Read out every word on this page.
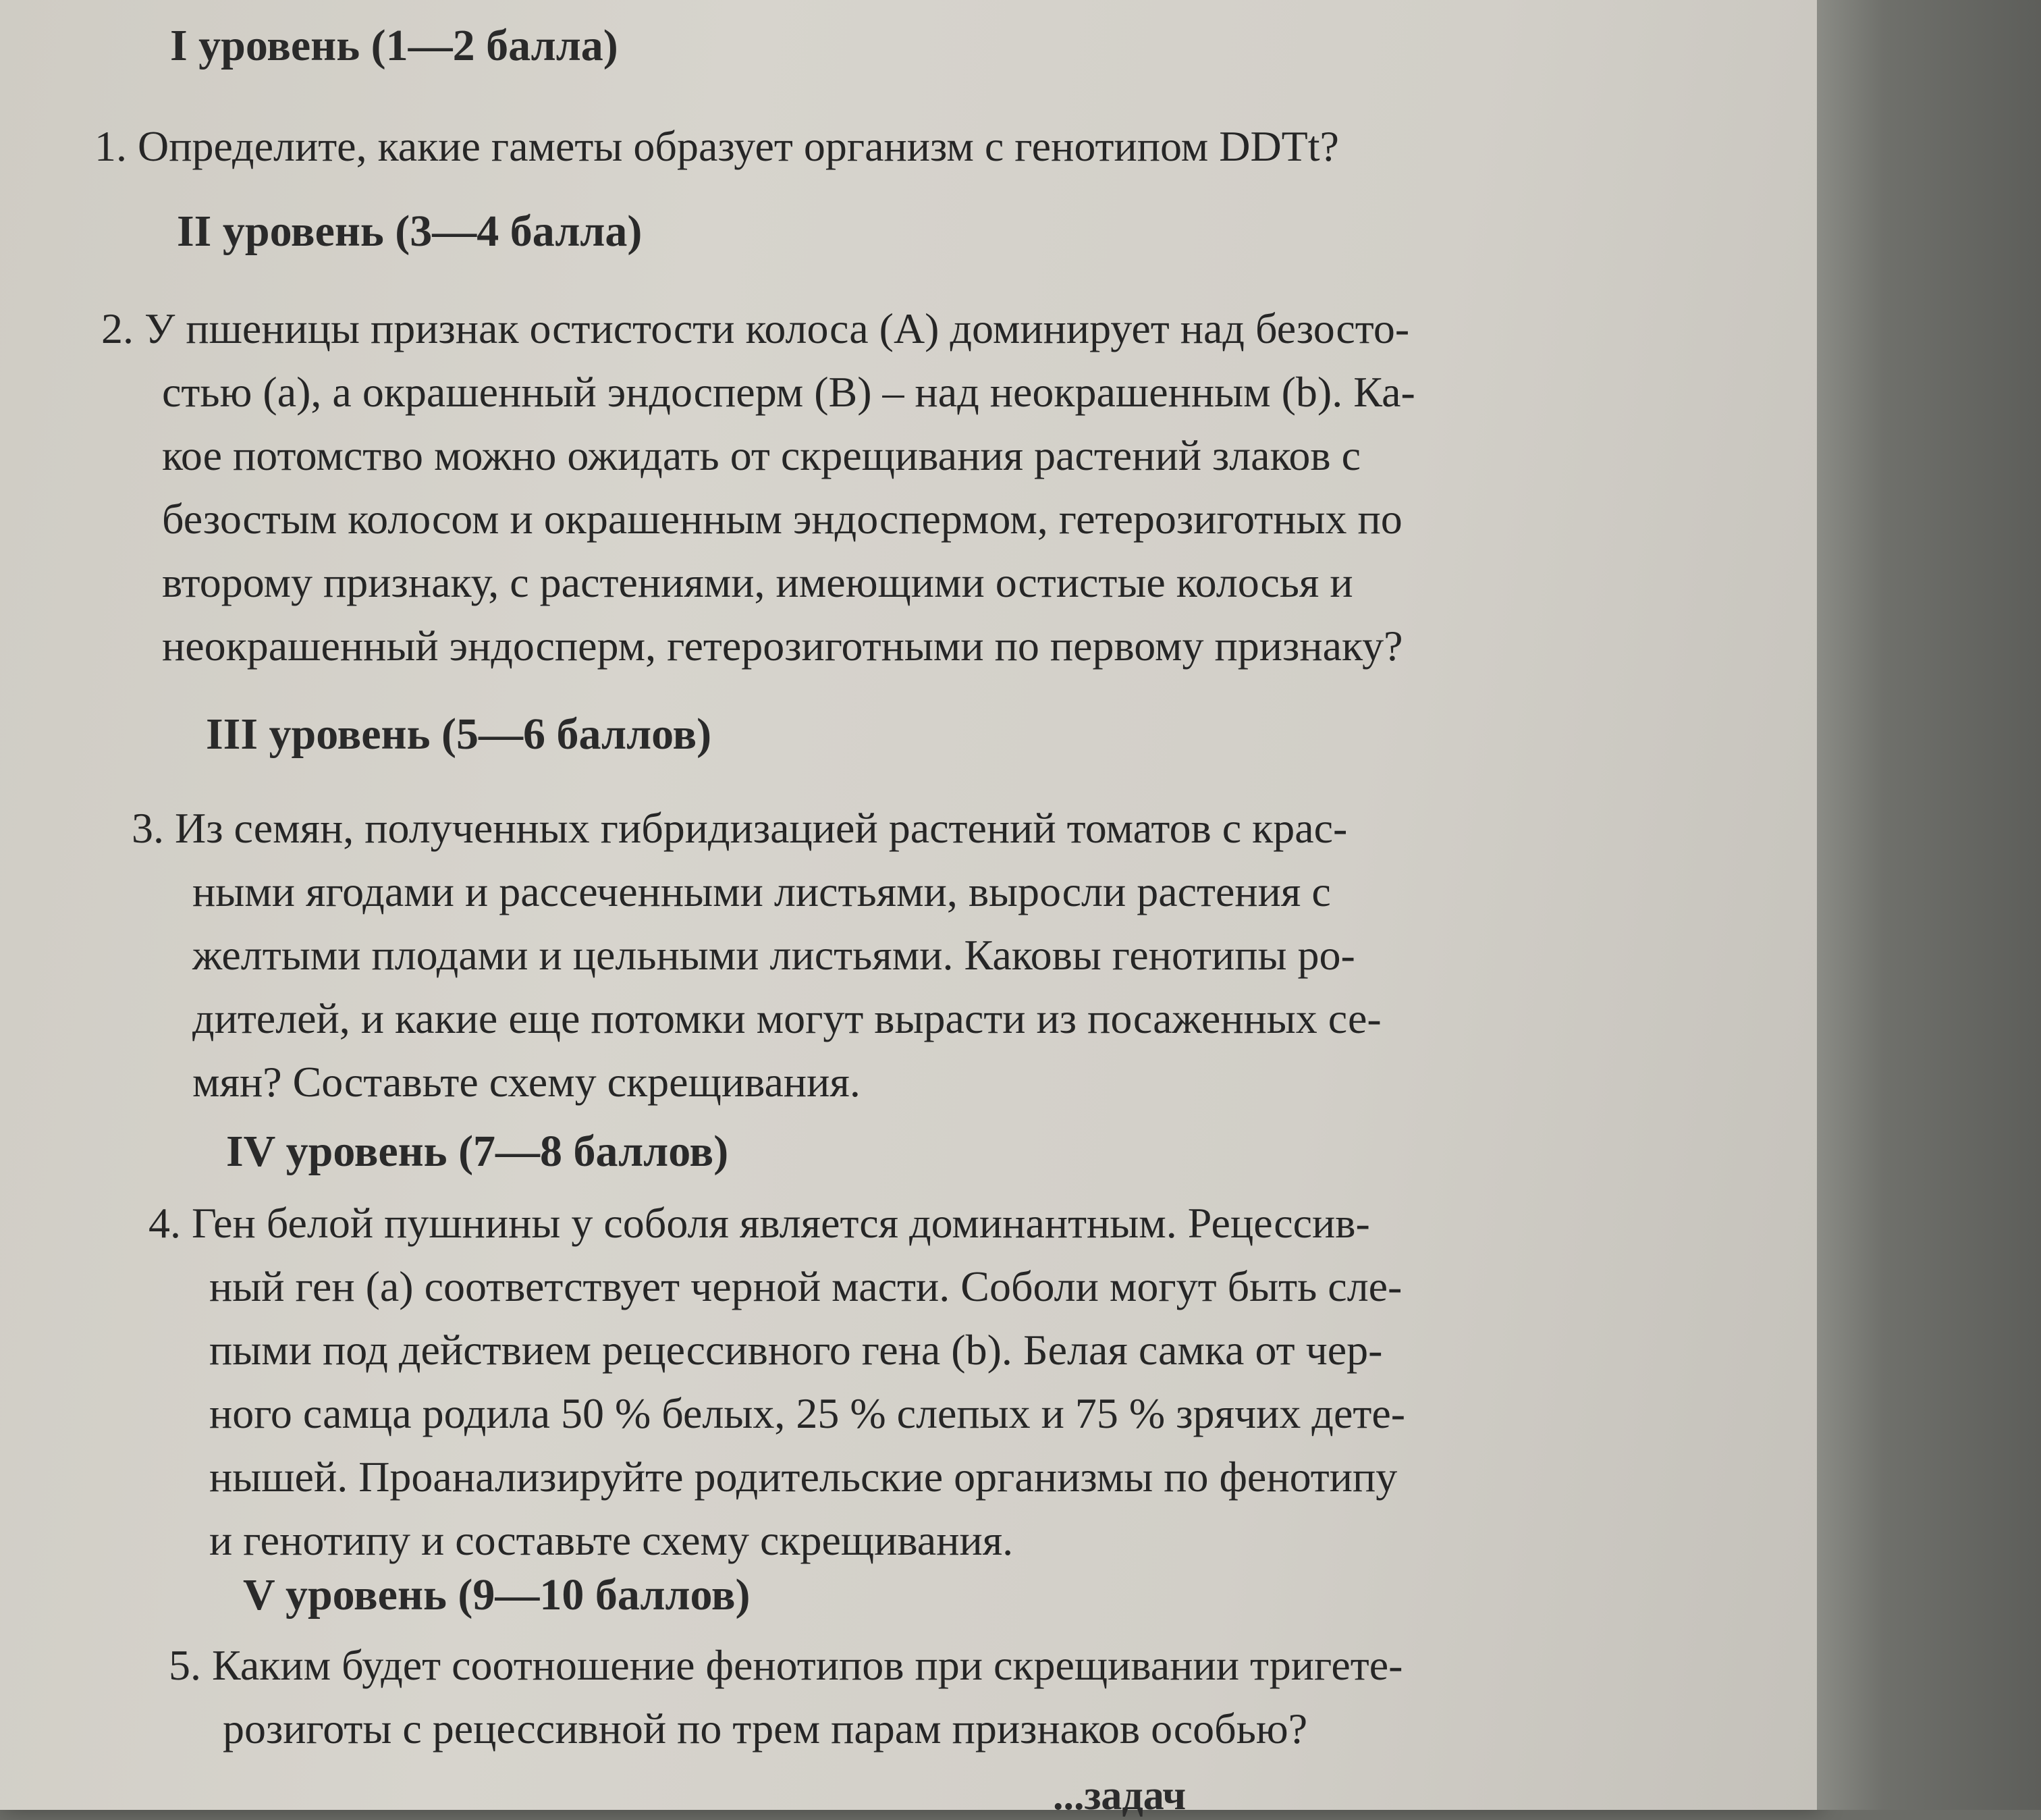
I уровень (1—2 балла)

1. Определите, какие гаметы образует организм с генотипом DDTt?

II уровень (3—4 балла)

2. У пшеницы признак остистости колоса (A) доминирует над безосто-
стью (a), а окрашенный эндосперм (B) – над неокрашенным (b). Ка-
кое потомство можно ожидать от скрещивания растений злаков с
безостым колосом и окрашенным эндоспермом, гетерозиготных по
второму признаку, с растениями, имеющими остистые колосья и
неокрашенный эндосперм, гетерозиготными по первому признаку?

III уровень (5—6 баллов)

3. Из семян, полученных гибридизацией растений томатов с крас-
ными ягодами и рассеченными листьями, выросли растения с
желтыми плодами и цельными листьями. Каковы генотипы ро-
дителей, и какие еще потомки могут вырасти из посаженных се-
мян? Составьте схему скрещивания.

IV уровень (7—8 баллов)

4. Ген белой пушнины у соболя является доминантным. Рецессив-
ный ген (a) соответствует черной масти. Соболи могут быть сле-
пыми под действием рецессивного гена (b). Белая самка от чер-
ного самца родила 50 % белых, 25 % слепых и 75 % зрячих дете-
нышей. Проанализируйте родительские организмы по фенотипу
и генотипу и составьте схему скрещивания.

V уровень (9—10 баллов)

5. Каким будет соотношение фенотипов при скрещивании тригете-
розиготы с рецессивной по трем парам признаков особью?

...задач
